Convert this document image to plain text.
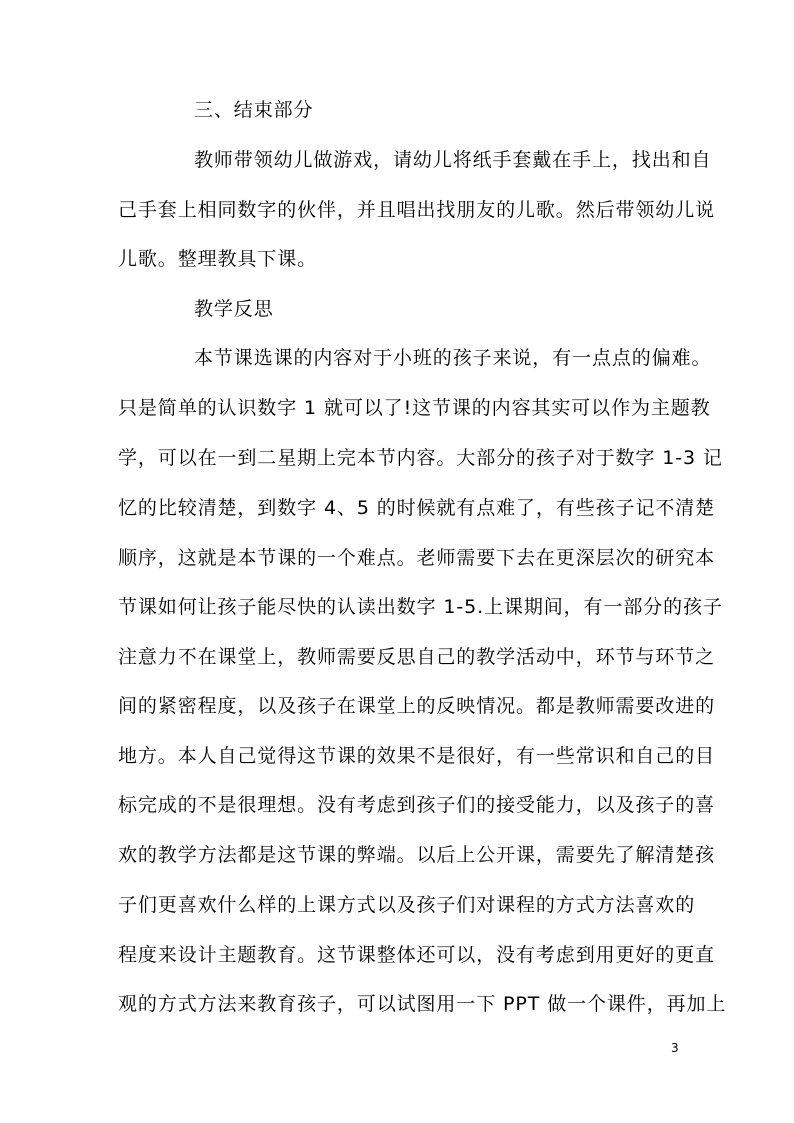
三、结束部分
教师带领幼儿做游戏，请幼儿将纸手套戴在手上，找出和自
己手套上相同数字的伙伴，并且唱出找朋友的儿歌。然后带领幼儿说
儿歌。整理教具下课。
教学反思
本节课选课的内容对于小班的孩子来说，有一点点的偏难。
只是简单的认识数字 1 就可以了!这节课的内容其实可以作为主题教
学，可以在一到二星期上完本节内容。大部分的孩子对于数字 1-3 记
忆的比较清楚，到数字 4、5 的时候就有点难了，有些孩子记不清楚
顺序，这就是本节课的一个难点。老师需要下去在更深层次的研究本
节课如何让孩子能尽快的认读出数字 1-5.上课期间，有一部分的孩子
注意力不在课堂上，教师需要反思自己的教学活动中，环节与环节之
间的紧密程度，以及孩子在课堂上的反映情况。都是教师需要改进的
地方。本人自己觉得这节课的效果不是很好，有一些常识和自己的目
标完成的不是很理想。没有考虑到孩子们的接受能力，以及孩子的喜
欢的教学方法都是这节课的弊端。以后上公开课，需要先了解清楚孩
子们更喜欢什么样的上课方式以及孩子们对课程的方式方法喜欢的
程度来设计主题教育。这节课整体还可以，没有考虑到用更好的更直
观的方式方法来教育孩子，可以试图用一下 PPT 做一个课件，再加上
3
